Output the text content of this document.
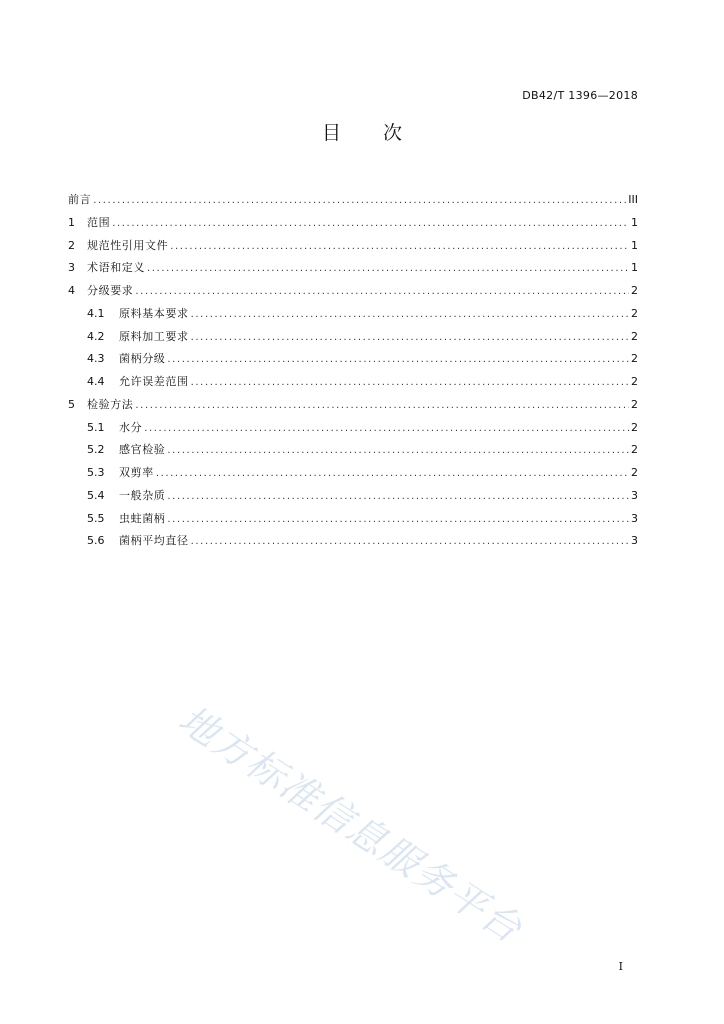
DB42/T 1396—2018
目 次
前言 .....	III
1	范围 .....	1
2	规范性引用文件 .....	1
3	术语和定义 .....	1
4	分级要求 .....	2
4.1	原料基本要求 .....	2
4.2	原料加工要求 .....	2
4.3	菌柄分级 .....	2
4.4	允许误差范围 .....	2
5	检验方法 .....	2
5.1	水分 .....	2
5.2	感官检验 .....	2
5.3	双剪率 .....	2
5.4	一般杂质 .....	3
5.5	虫蛀菌柄 .....	3
5.6	菌柄平均直径 .....	3
地方标准信息服务平台
I
